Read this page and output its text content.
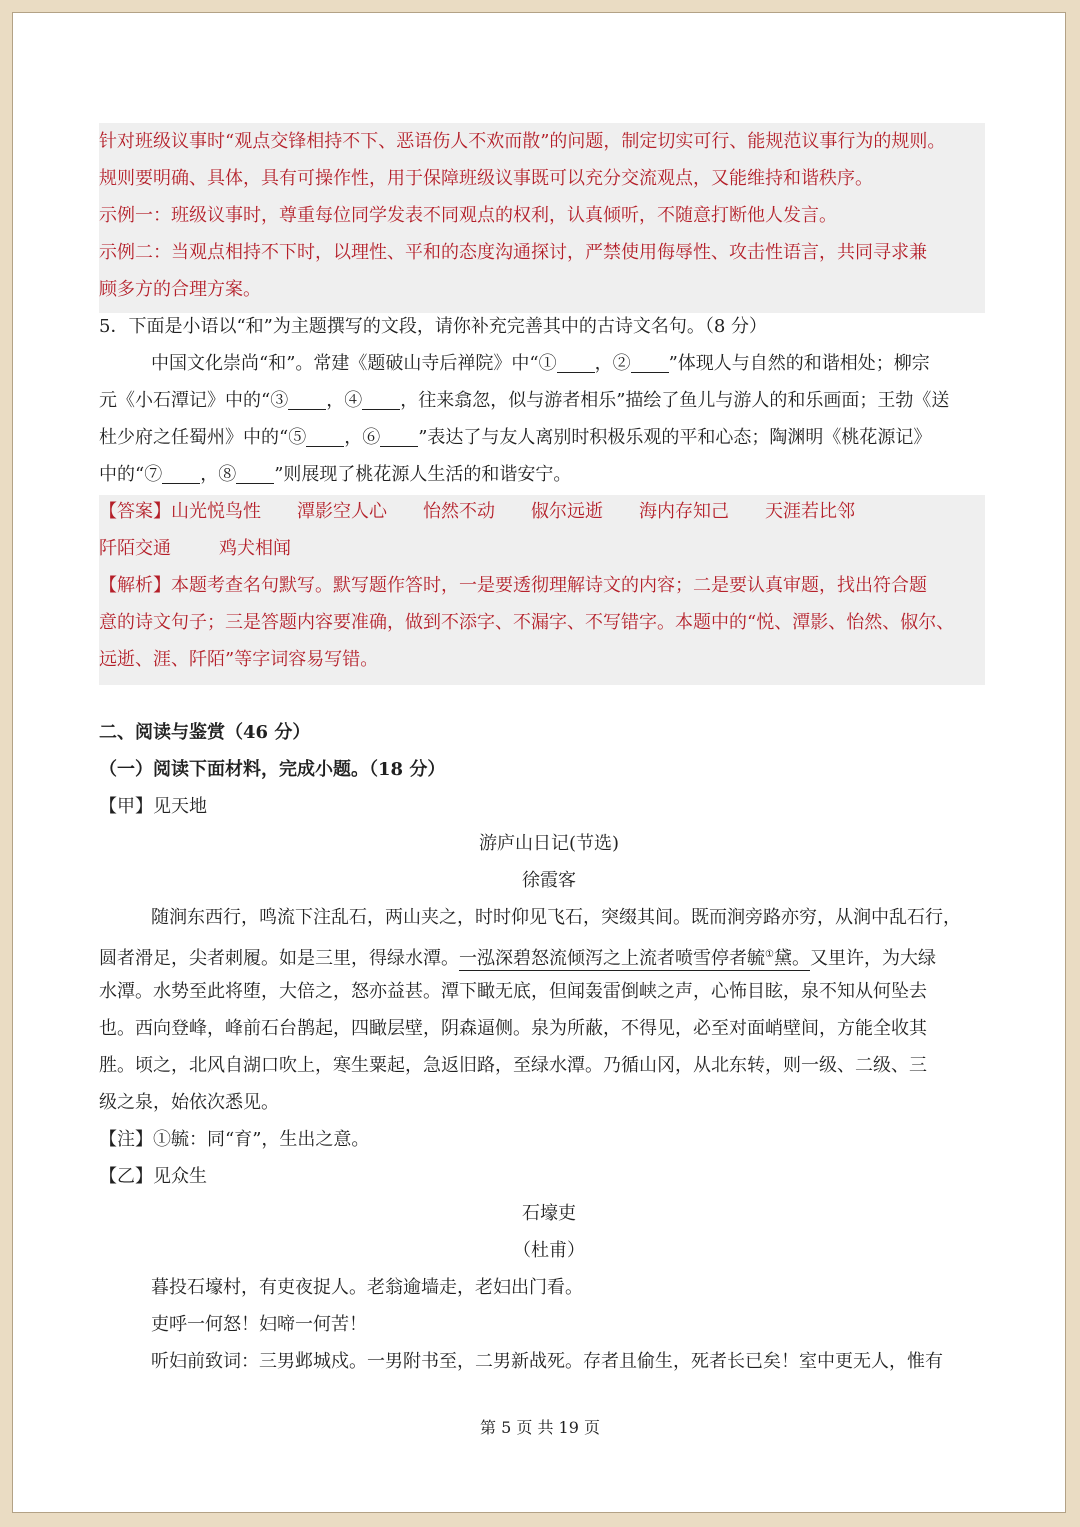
针对班级议事时“观点交锋相持不下、恶语伤人不欢而散”的问题，制定切实可行、能规范议事行为的规则。
规则要明确、具体，具有可操作性，用于保障班级议事既可以充分交流观点，又能维持和谐秩序。
示例一：班级议事时，尊重每位同学发表不同观点的权利，认真倾听，不随意打断他人发言。
示例二：当观点相持不下时，以理性、平和的态度沟通探讨，严禁使用侮辱性、攻击性语言，共同寻求兼
顾多方的合理方案。
5．下面是小语以“和”为主题撰写的文段，请你补充完善其中的古诗文名句。（8 分）
中国文化崇尚“和”。常建《题破山寺后禅院》中“① ，② ”体现人与自然的和谐相处；柳宗
元《小石潭记》中的“③ ，④ ，往来翕忽，似与游者相乐”描绘了鱼儿与游人的和乐画面；王勃《送
杜少府之任蜀州》中的“⑤ ，⑥ ”表达了与友人离别时积极乐观的平和心态；陶渊明《桃花源记》
中的“⑦ ，⑧ ”则展现了桃花源人生活的和谐安宁。
【答案】山光悦鸟性 潭影空人心 怡然不动 俶尔远逝 海内存知己 天涯若比邻
阡陌交通	鸡犬相闻
【解析】本题考查名句默写。默写题作答时，一是要透彻理解诗文的内容；二是要认真审题，找出符合题
意的诗文句子；三是答题内容要准确，做到不添字、不漏字、不写错字。本题中的“悦、潭影、怡然、俶尔、
远逝、涯、阡陌”等字词容易写错。
二、阅读与鉴赏（46 分）
（一）阅读下面材料，完成小题。（18 分）
【甲】见天地
游庐山日记(节选)
徐霞客
随涧东西行，鸣流下注乱石，两山夹之，时时仰见飞石，突缀其间。既而涧旁路亦穷，从涧中乱石行，
圆者滑足，尖者刺履。如是三里，得绿水潭。一泓深碧怒流倾泻之上流者喷雪停者毓①黛。又里许，为大绿
水潭。水势至此将堕，大倍之，怒亦益甚。潭下瞰无底，但闻轰雷倒峡之声，心怖目眩，泉不知从何坠去
也。西向登峰，峰前石台鹊起，四瞰层壁，阴森逼侧。泉为所蔽，不得见，必至对面峭壁间，方能全收其
胜。顷之，北风自湖口吹上，寒生粟起，急返旧路，至绿水潭。乃循山冈，从北东转，则一级、二级、三
级之泉，始依次悉见。
【注】①毓：同“育”，生出之意。
【乙】见众生
石壕吏
（杜甫）
暮投石壕村，有吏夜捉人。老翁逾墙走，老妇出门看。
吏呼一何怒！妇啼一何苦！
听妇前致词：三男邺城戍。一男附书至，二男新战死。存者且偷生，死者长已矣！室中更无人，惟有
第 5 页 共 19 页
